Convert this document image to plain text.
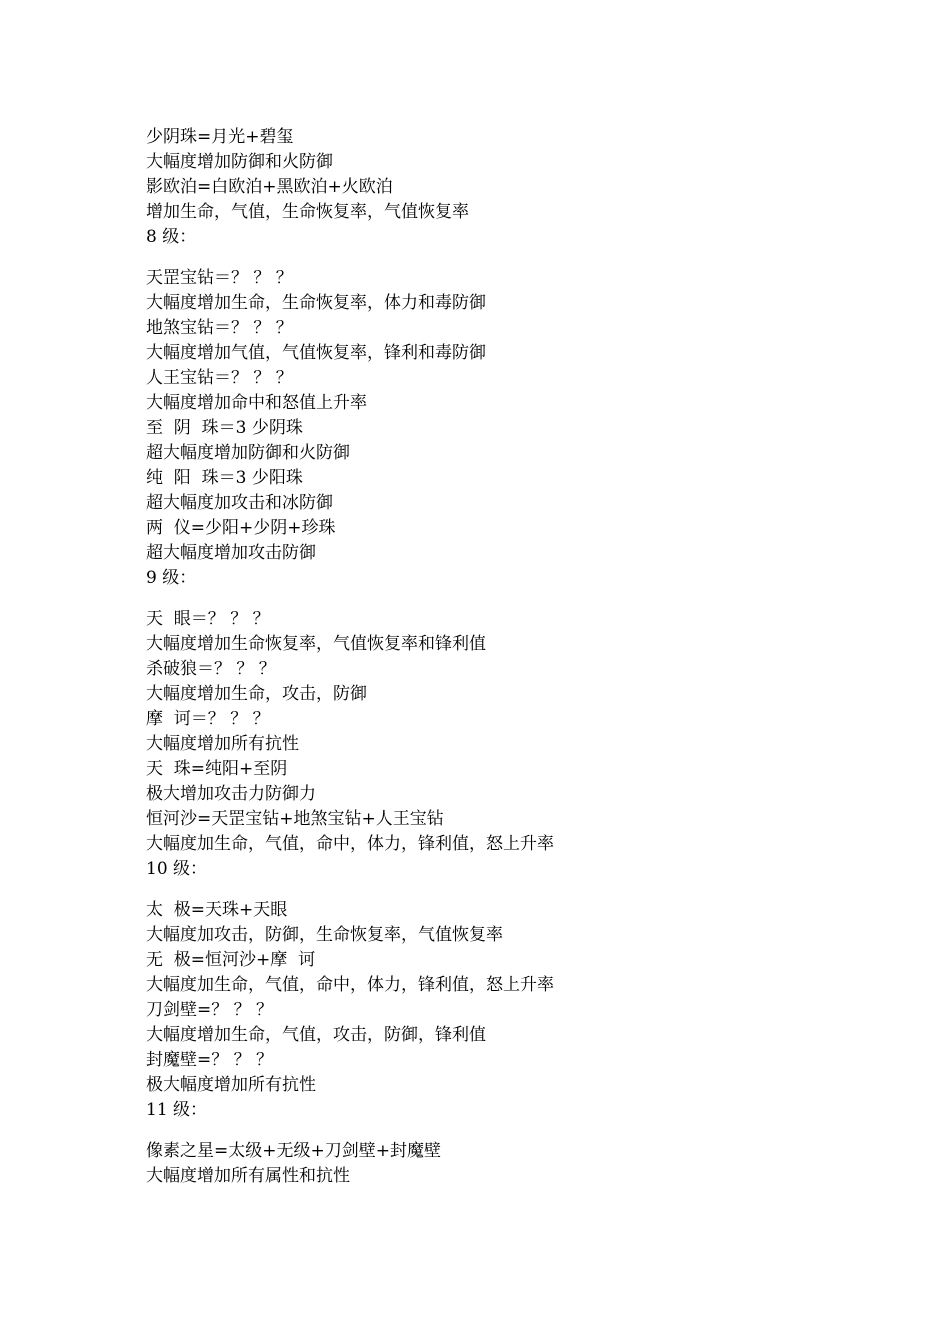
少阴珠=月光+碧玺
大幅度增加防御和火防御
影欧泊=白欧泊+黑欧泊+火欧泊
增加生命，气值，生命恢复率，气值恢复率
8 级：
天罡宝钻＝？ ？ ？
大幅度增加生命，生命恢复率，体力和毒防御
地煞宝钻＝？ ？ ？
大幅度增加气值，气值恢复率，锋利和毒防御
人王宝钻＝？ ？ ？
大幅度增加命中和怒值上升率
至  阴  珠＝3 少阴珠
超大幅度增加防御和火防御
纯  阳  珠＝3 少阳珠
超大幅度加攻击和冰防御
两  仪=少阳+少阴+珍珠
超大幅度增加攻击防御
9 级：
天  眼＝？ ？ ？
大幅度增加生命恢复率，气值恢复率和锋利值
杀破狼＝？ ？ ？
大幅度增加生命，攻击，防御
摩  诃＝？ ？ ？
大幅度增加所有抗性
天  珠=纯阳+至阴
极大增加攻击力防御力
恒河沙=天罡宝钻+地煞宝钻+人王宝钻
大幅度加生命，气值，命中，体力，锋利值，怒上升率
10 级：
太  极=天珠+天眼
大幅度加攻击，防御，生命恢复率，气值恢复率
无  极=恒河沙+摩  诃
大幅度加生命，气值，命中，体力，锋利值，怒上升率
刀剑壁=？ ？ ？
大幅度增加生命，气值，攻击，防御，锋利值
封魔壁=？ ？ ？
极大幅度增加所有抗性
11 级：
像素之星=太级+无级+刀剑壁+封魔壁
大幅度增加所有属性和抗性
